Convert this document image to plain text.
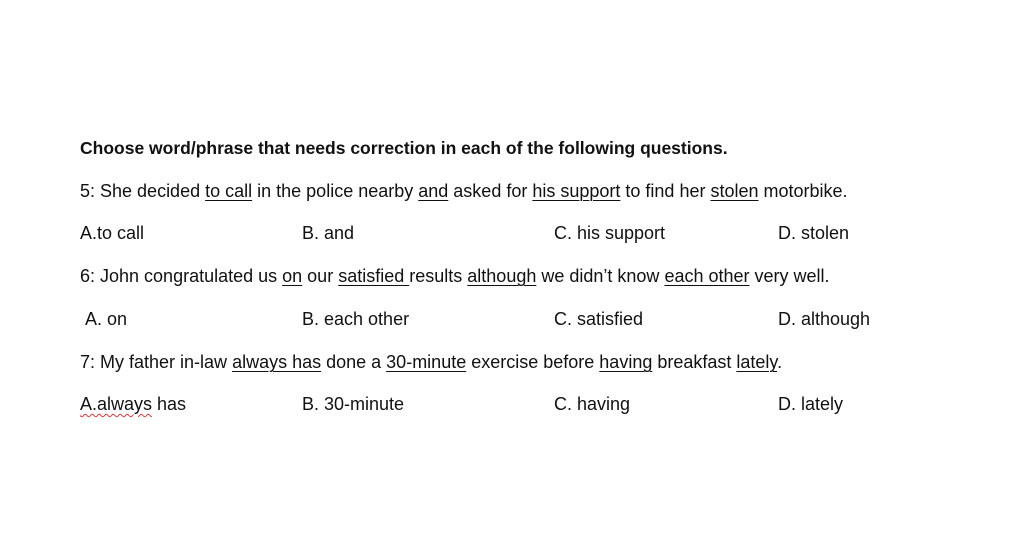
Choose word/phrase that needs correction in each of the following questions.
5: She decided to call in the police nearby and asked for his support to find her stolen motorbike.
A.to call	B. and	C. his support	D. stolen
6: John congratulated us on our satisfied results although we didn’t know each other very well.
A. on	B. each other	C. satisfied	D. although
7: My father in-law always has done a 30-minute exercise before having breakfast lately.
A.always has	B. 30-minute	C. having	D. lately
